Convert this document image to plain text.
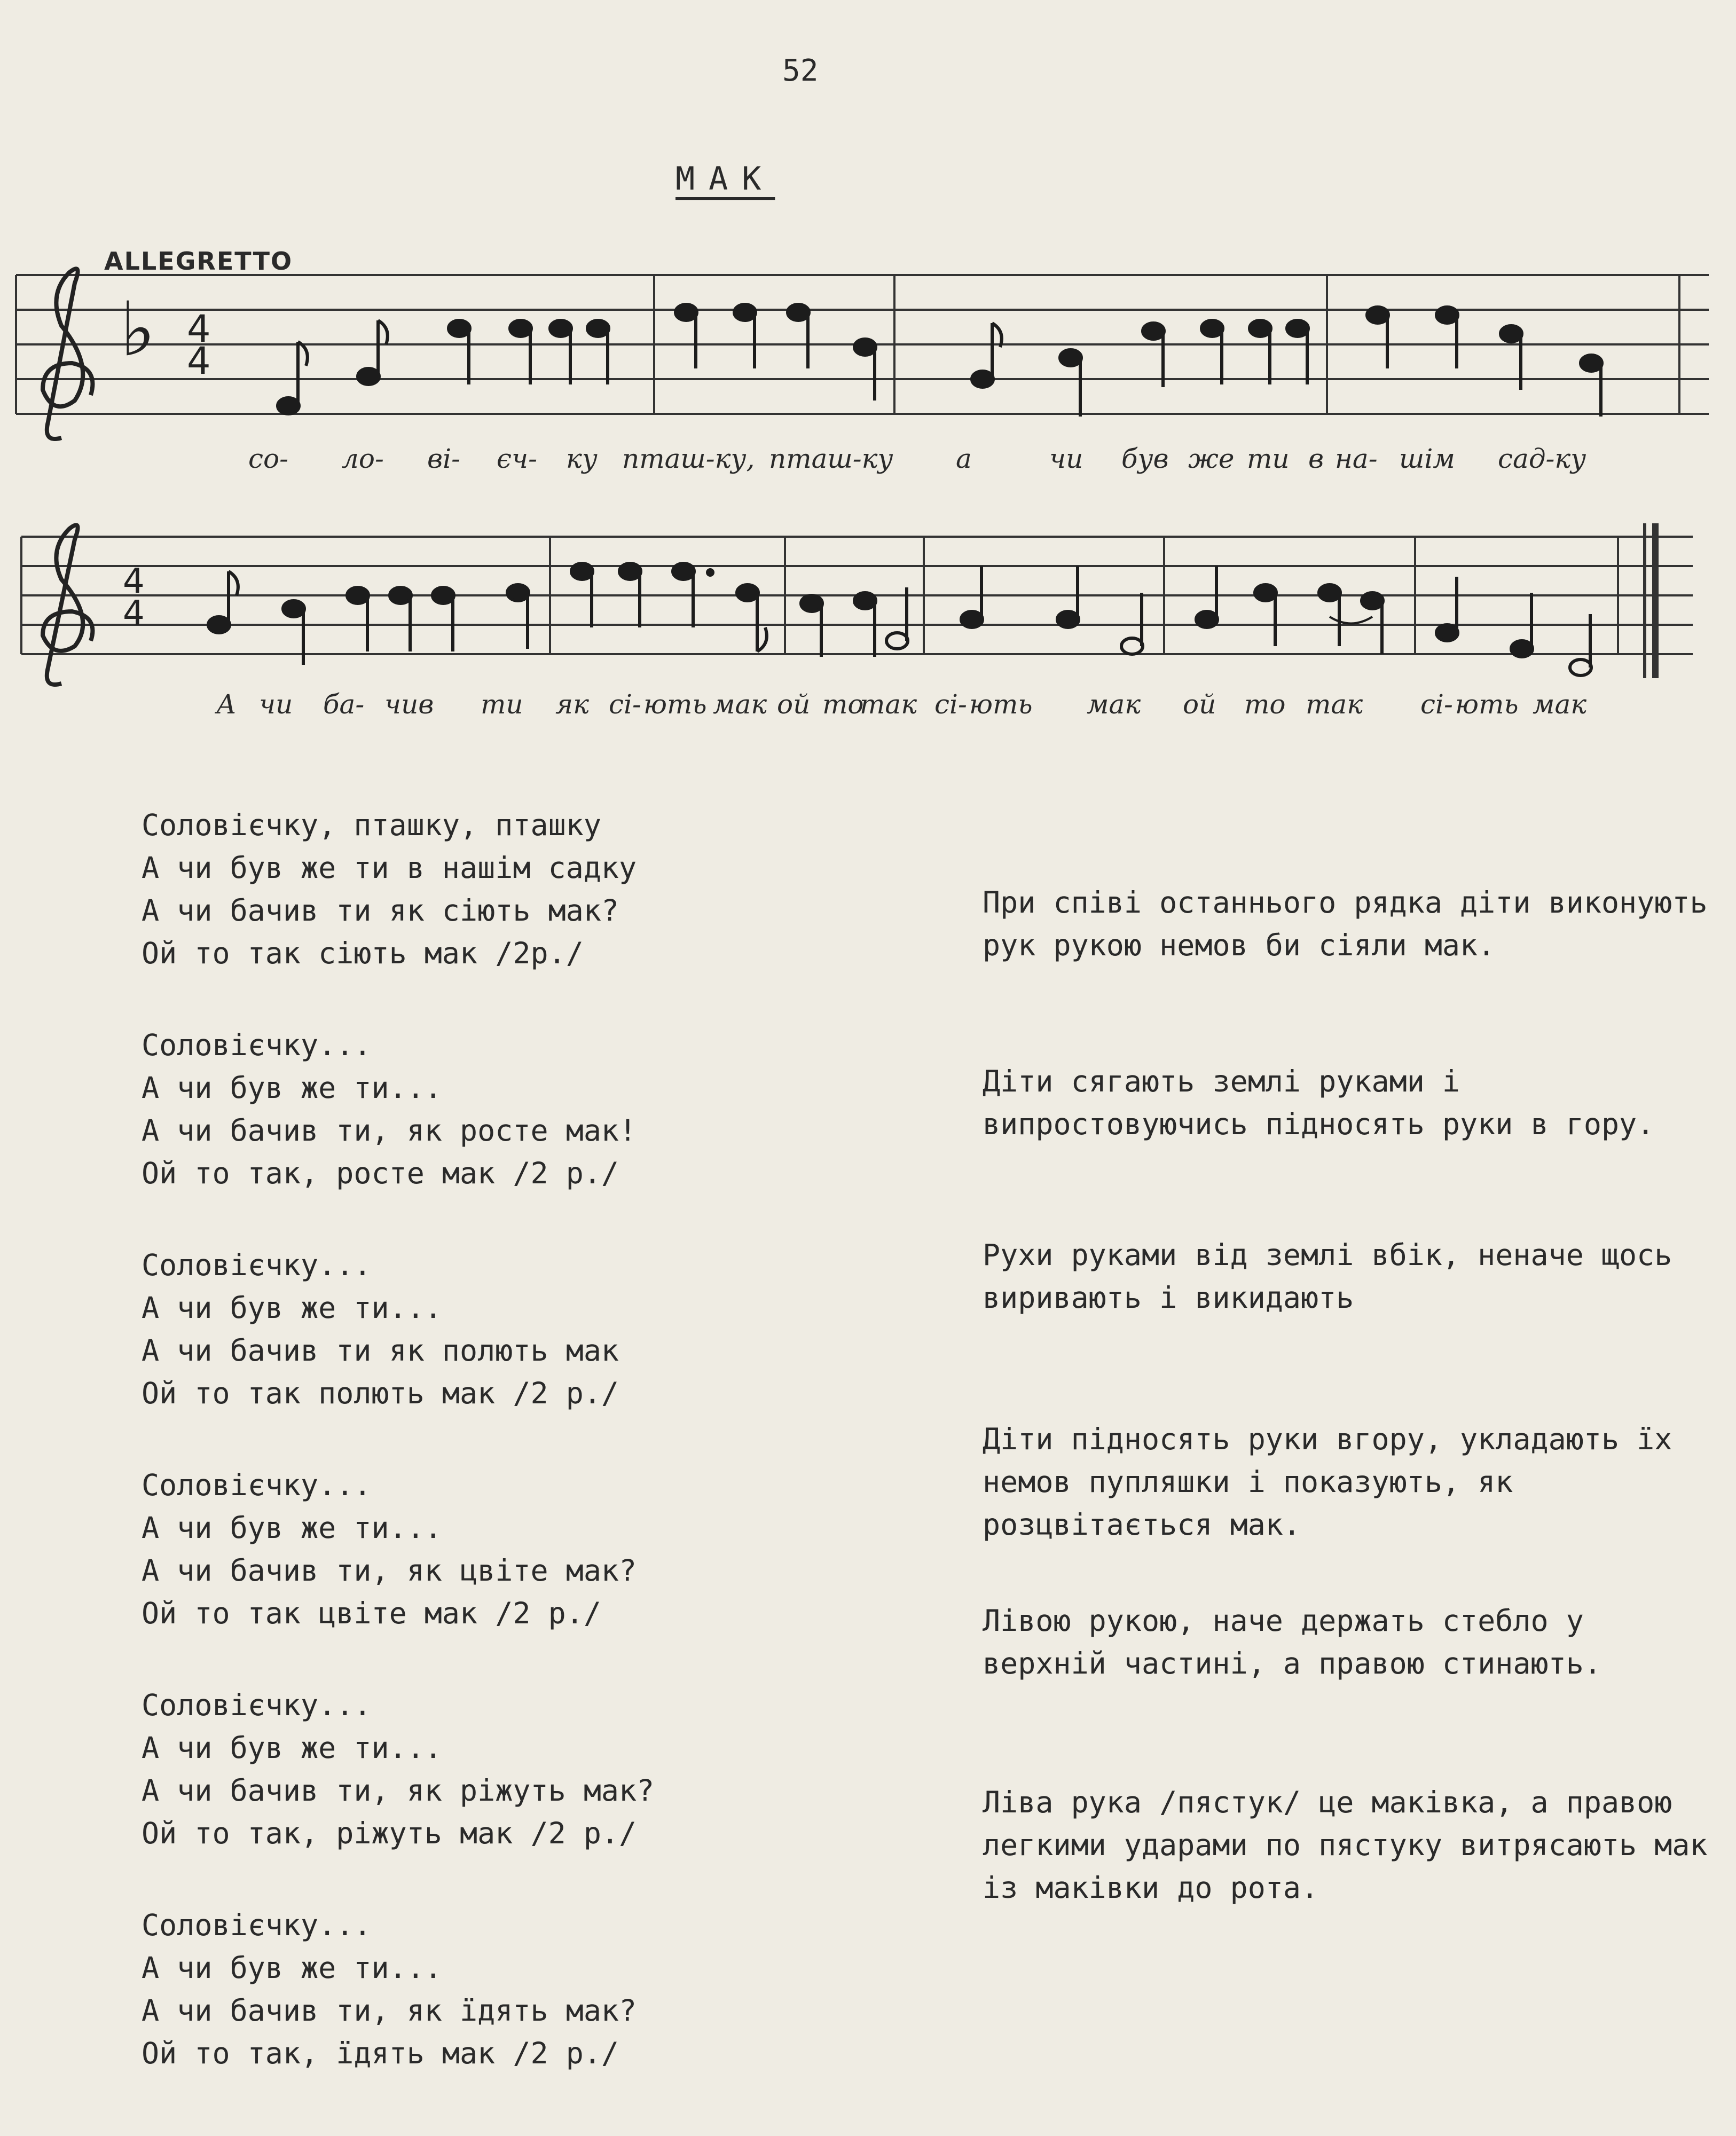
52
МАК
ALLEGRETTO
♭ 4
4
со- ло- ві- єч- ку пташ-ку, пташ-ку а	чи був же ти в на- шім сад-ку
4
4
А чи ба- чив ти як сі- ють мак ой то
так сі- ють мак ой то так сі- ють мак
Соловієчку, пташку, пташку
А чи був же ти в нашім садку
А чи бачив ти як сіють мак?
Ой то так сіють мак /2р./
Соловієчку...
А чи був же ти...
А чи бачив ти, як росте мак!
Ой то так, росте мак /2 р./
Соловієчку...
А чи був же ти...
А чи бачив ти як полють мак
Ой то так полють мак /2 р./
Соловієчку...
А чи був же ти...
А чи бачив ти, як цвіте мак?
Ой то так цвіте мак /2 р./
Соловієчку...
А чи був же ти...
А чи бачив ти, як ріжуть мак?
Ой то так, ріжуть мак /2 р./
Соловієчку...
А чи був же ти...
А чи бачив ти, як їдять мак?
Ой то так, їдять мак /2 р./
При співі останнього рядка діти виконують рук рукою немов би сіяли мак.
Діти сягають землі руками і випростовуючись підносять руки в гору.
Рухи руками від землі вбік, неначе щось виривають і викидають
Діти підносять руки вгору, укладають їх немов пупляшки і показують, як розцвітається мак.
Лівою рукою, наче держать стебло у верхній частині, а правою стинають.
Ліва рука /пястук/ це маківка, а правою легкими ударами по пястуку витрясають мак із маківки до рота.
